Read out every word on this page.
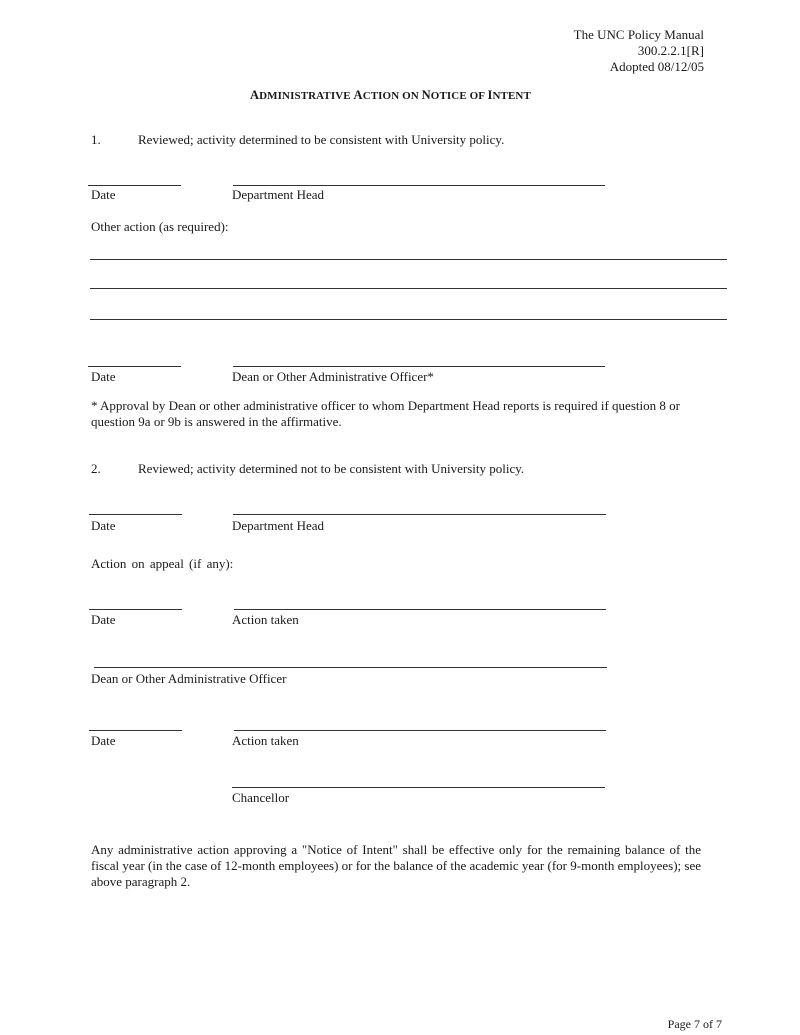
The UNC Policy Manual
300.2.2.1[R]
Adopted 08/12/05
ADMINISTRATIVE ACTION ON NOTICE OF INTENT
1.	Reviewed; activity determined to be consistent with University policy.
Date	Department Head
Other action (as required):
Date	Dean or Other Administrative Officer*
* Approval by Dean or other administrative officer to whom Department Head reports is required if question 8 or question 9a or 9b is answered in the affirmative.
2.	Reviewed; activity determined not to be consistent with University policy.
Date	Department Head
Action on appeal (if any):
Date	Action taken
Dean or Other Administrative Officer
Date	Action taken
Chancellor
Any administrative action approving a "Notice of Intent" shall be effective only for the remaining balance of the fiscal year (in the case of 12-month employees) or for the balance of the academic year (for 9-month employees); see above paragraph 2.
Page 7 of 7
